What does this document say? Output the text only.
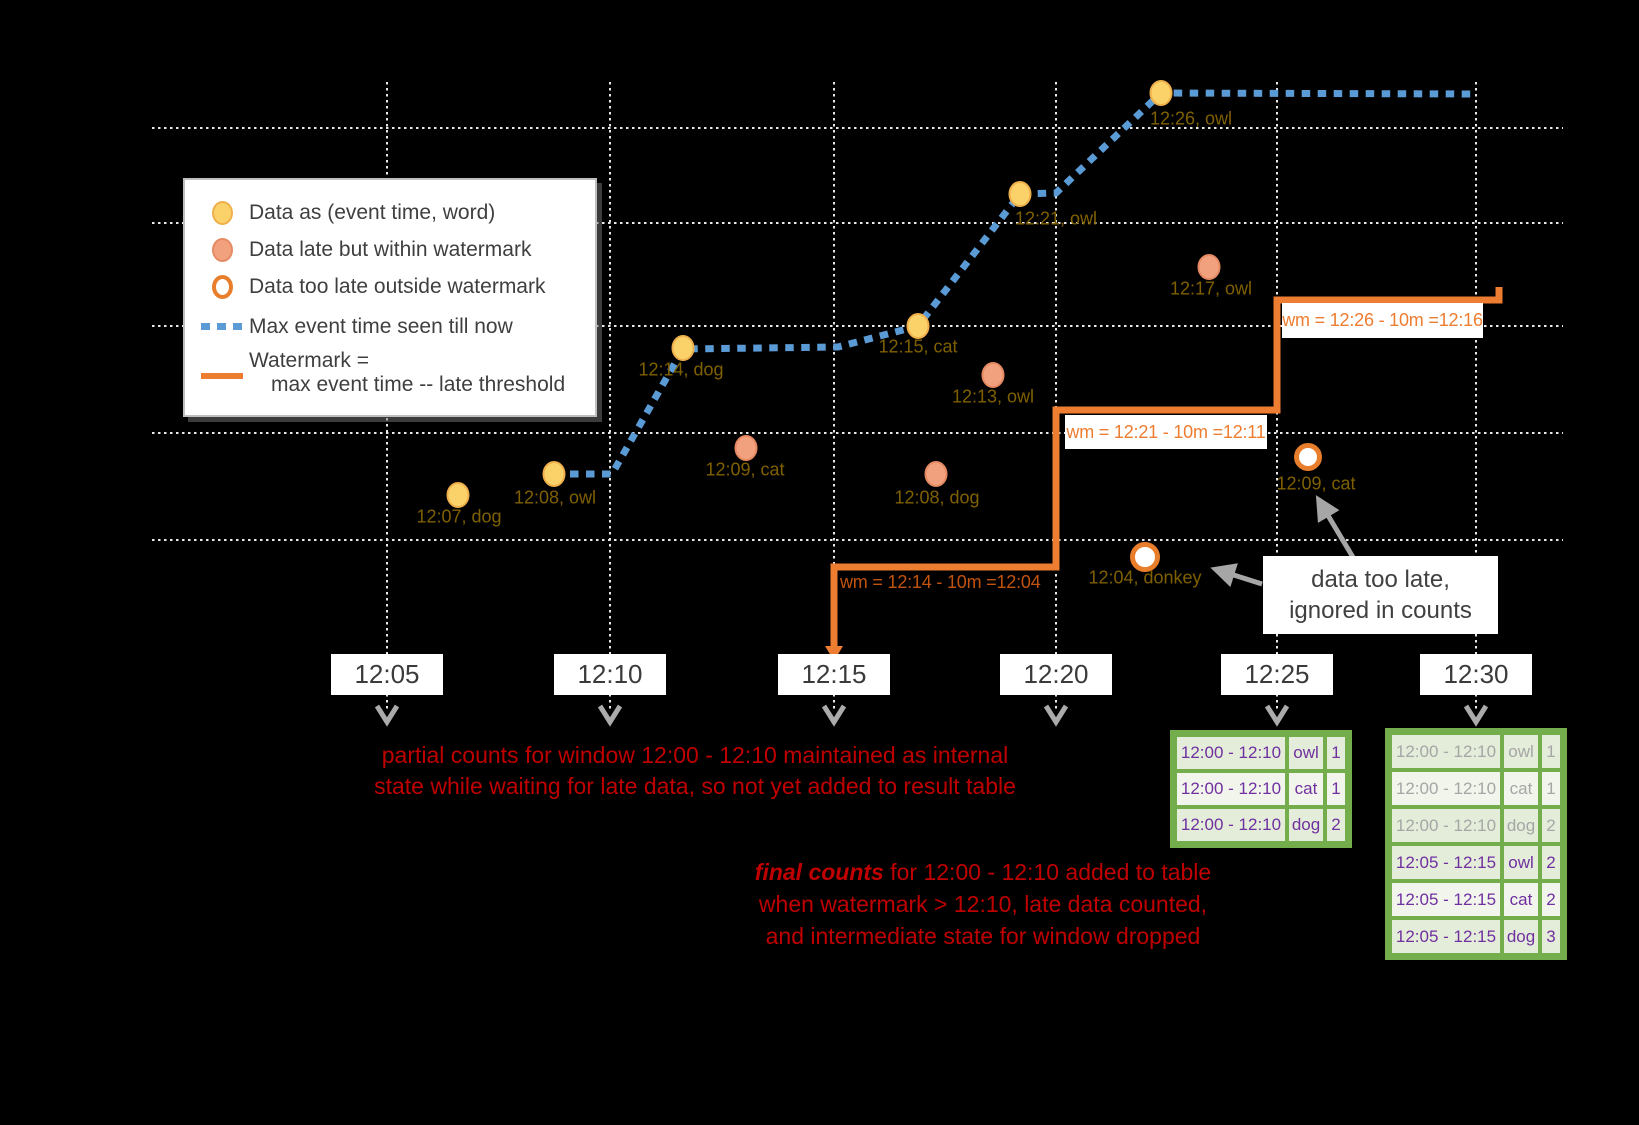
Data as (event time, word)
Data late but within watermark
Data too late outside watermark
Max event time seen till now
Watermark =
max event time -- late threshold
12:07, dog
12:08, owl
12:14, dog
12:15, cat
12:21, owl
12:26, owl
12:09, cat
12:13, owl
12:08, dog
12:17, owl
12:04, donkey
12:09, cat
wm = 12:14 - 10m =12:04
wm = 12:21 - 10m =12:11
wm = 12:26 - 10m =12:16
12:05	12:10	12:15	12:20	12:25	12:30
data too late,
ignored in counts
partial counts for window 12:00 - 12:10 maintained as internal
state while waiting for late data, so not yet added to result table
final counts for 12:00 - 12:10 added to table
when watermark > 12:10, late data counted,
and intermediate state for window dropped
12:00 - 12:10 owl 1
12:00 - 12:10 cat 1
12:00 - 12:10 dog 2
12:00 - 12:10 owl 1
12:00 - 12:10 cat 1
12:00 - 12:10 dog 2
12:05 - 12:15 owl 2
12:05 - 12:15 cat 2
12:05 - 12:15 dog 3
